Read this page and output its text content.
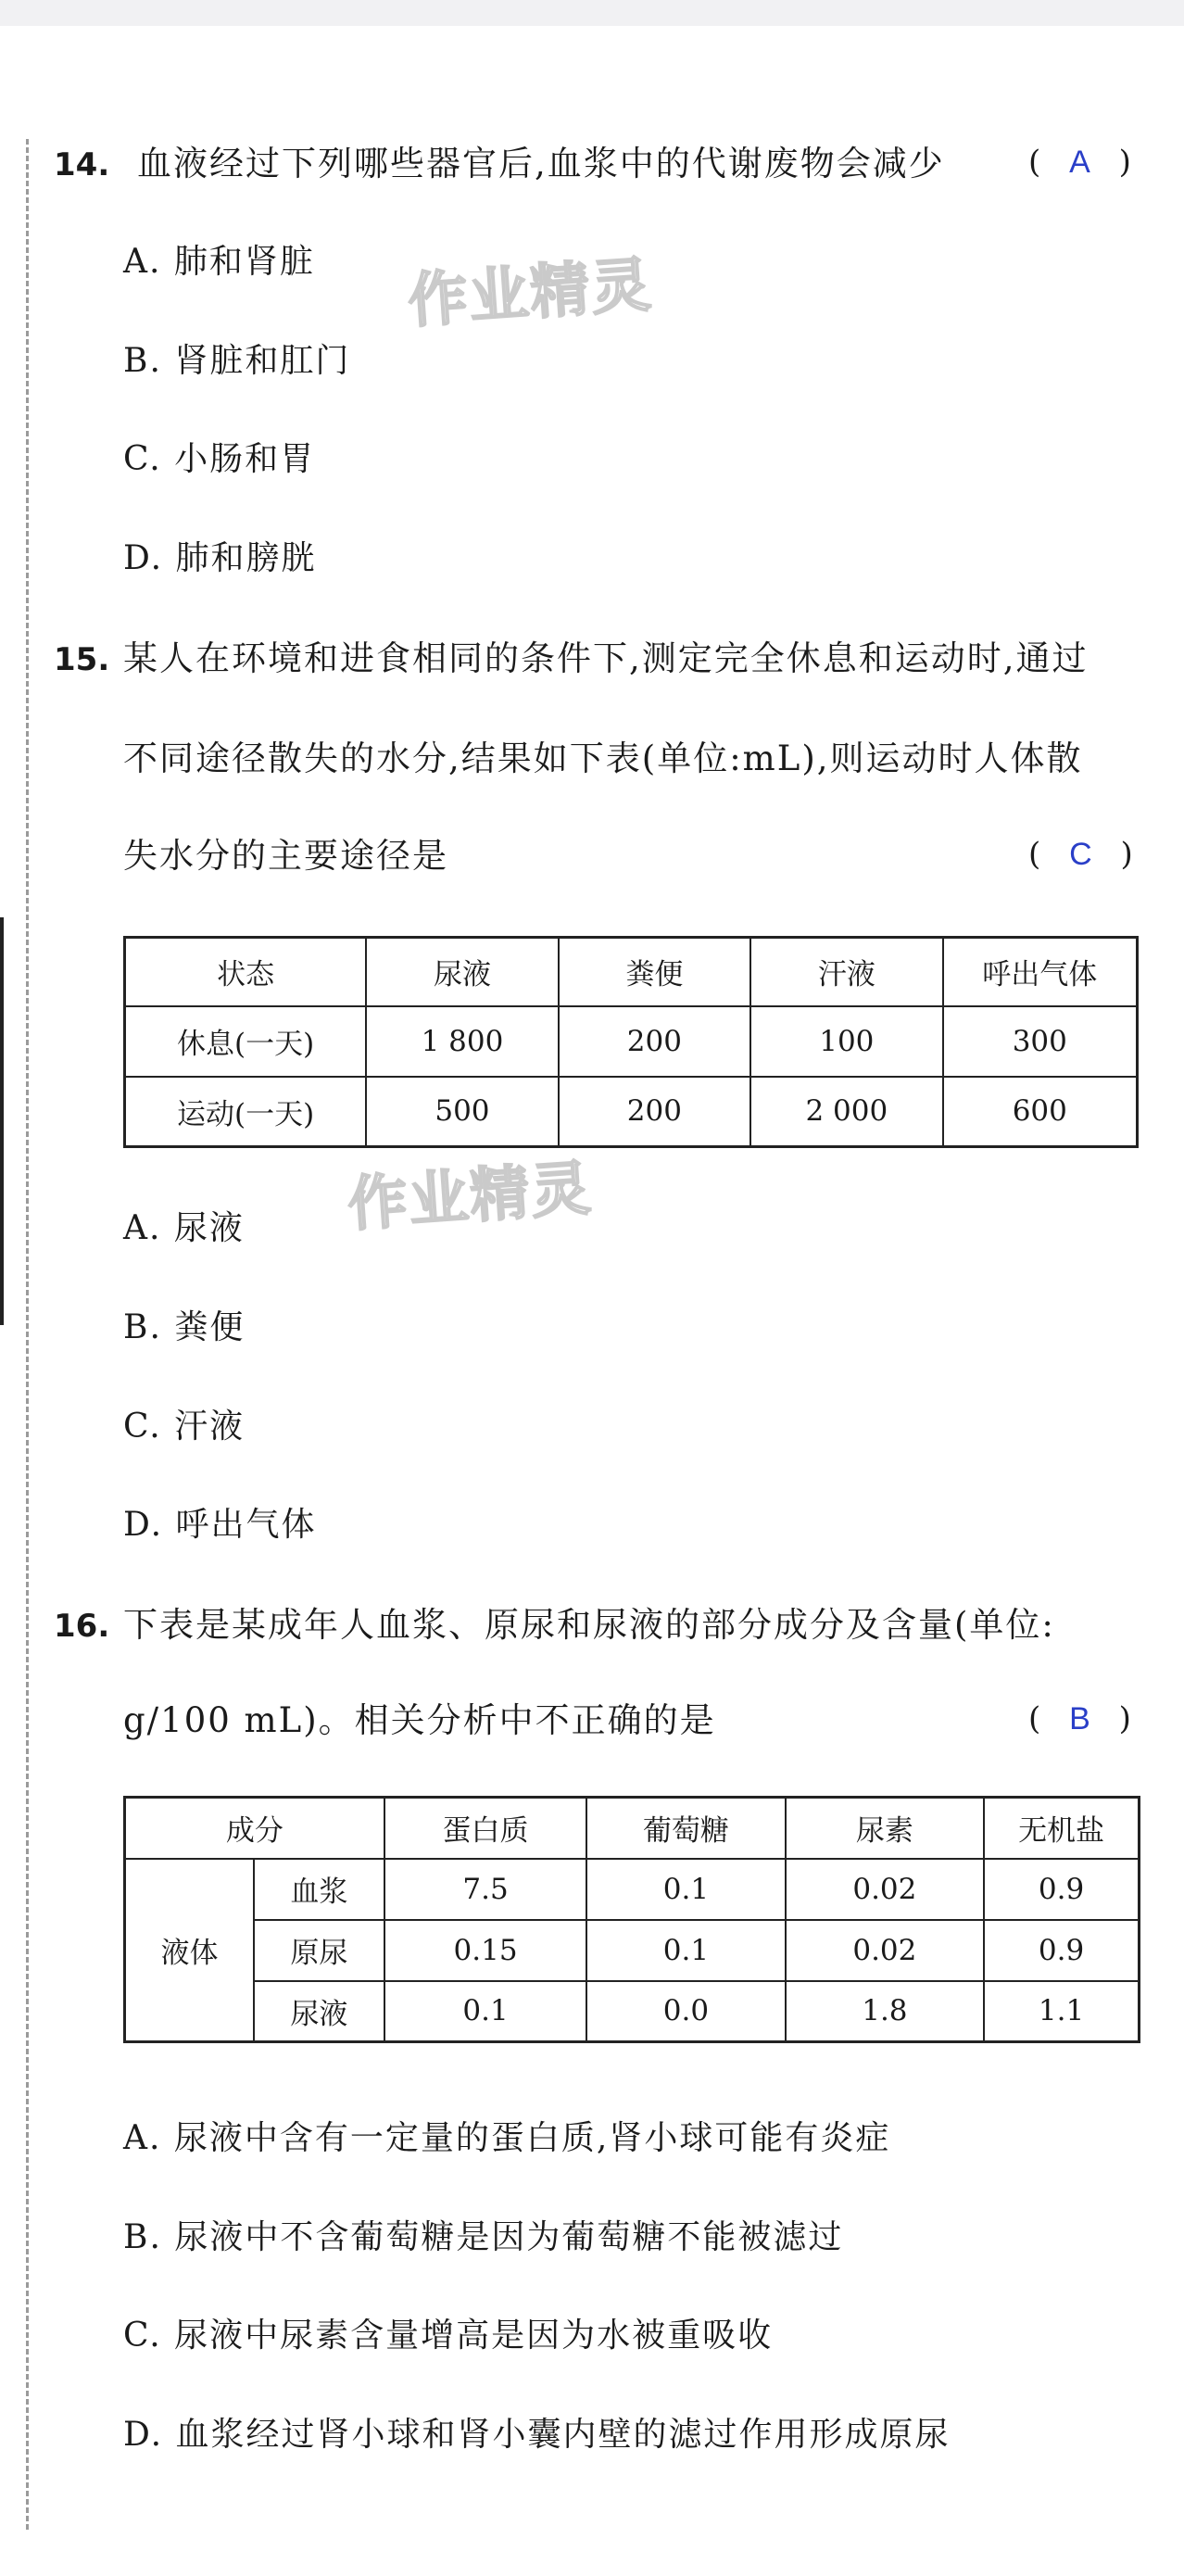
作业精灵
作业精灵
14. 血液经过下列哪些器官后,血浆中的代谢废物会减少	( A )
A. 肺和肾脏
B. 肾脏和肛门
C. 小肠和胃
D. 肺和膀胱
15. 某人在环境和进食相同的条件下,测定完全休息和运动时,通过
不同途径散失的水分,结果如下表(单位:mL),则运动时人体散
失水分的主要途径是	( C )
状态	尿液	粪便	汗液	呼出气体
休息(一天)	1 800	200	100	300
运动(一天)	500	200	2 000	600
A. 尿液
B. 粪便
C. 汗液
D. 呼出气体
16. 下表是某成年人血浆、原尿和尿液的部分成分及含量(单位:
g/100 mL)。相关分析中不正确的是	( B )
成分		蛋白质	葡萄糖	尿素	无机盐
液体	血浆	7.5	0.1	0.02	0.9
	原尿	0.15	0.1	0.02	0.9
	尿液	0.1	0.0	1.8	1.1
A. 尿液中含有一定量的蛋白质,肾小球可能有炎症
B. 尿液中不含葡萄糖是因为葡萄糖不能被滤过
C. 尿液中尿素含量增高是因为水被重吸收
D. 血浆经过肾小球和肾小囊内壁的滤过作用形成原尿
